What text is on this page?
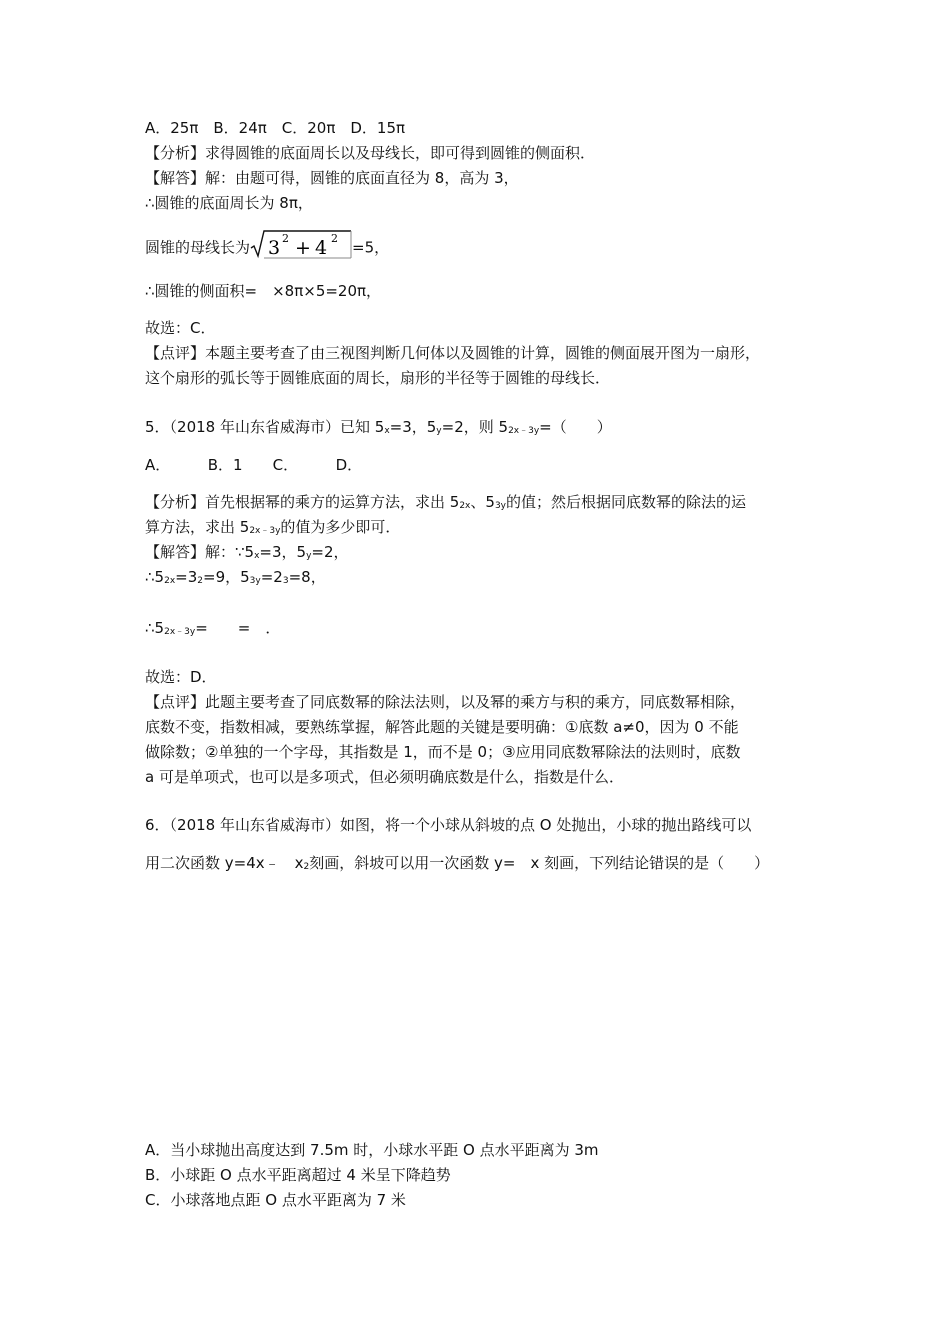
A．25π　B．24π　C．20π　D．15π
【分析】求得圆锥的底面周长以及母线长，即可得到圆锥的侧面积．
【解答】解：由题可得，圆锥的底面直径为 8，高为 3，
∴圆锥的底面周长为 8π，
圆锥的母线长为 3 2 + 4 2 =5，
∴圆锥的侧面积=　×8π×5=20π，
故选：C．
【点评】本题主要考查了由三视图判断几何体以及圆锥的计算，圆锥的侧面展开图为一扇形，
这个扇形的弧长等于圆锥底面的周长，扇形的半径等于圆锥的母线长．
5．（2018 年山东省威海市）已知 $5_x=3$，$5_y=2$，则 $5_{2x﹣3y}=$（　　）
A．　　　B．1　　C．　　　D．
【分析】首先根据幂的乘方的运算方法，求出 $5_{2x}$、$5_{3y}$的值；然后根据同底数幂的除法的运
算方法，求出 $5_{2x﹣3y}$的值为多少即可．
【解答】解：$\because 5_x=3$，$5_y=2$，
$\therefore 5_{2x}=3_2=9$，$5_{3y}=2_3=8$，
$\therefore 5_{2x﹣3y}=$　　=　．
故选：D．
【点评】此题主要考查了同底数幂的除法法则，以及幂的乘方与积的乘方，同底数幂相除，
底数不变，指数相减，要熟练掌握，解答此题的关键是要明确：①底数 a≠0，因为 0 不能
做除数；②单独的一个字母，其指数是 1，而不是 0；③应用同底数幂除法的法则时，底数
a 可是单项式，也可以是多项式，但必须明确底数是什么，指数是什么．
6．（2018 年山东省威海市）如图，将一个小球从斜坡的点 O 处抛出，小球的抛出路线可以
用二次函数 y=4x﹣　$x_2$刻画，斜坡可以用一次函数 y=　x 刻画，下列结论错误的是（　　）
A．当小球抛出高度达到 7.5m 时，小球水平距 O 点水平距离为 3m
B．小球距 O 点水平距离超过 4 米呈下降趋势
C．小球落地点距 O 点水平距离为 7 米
